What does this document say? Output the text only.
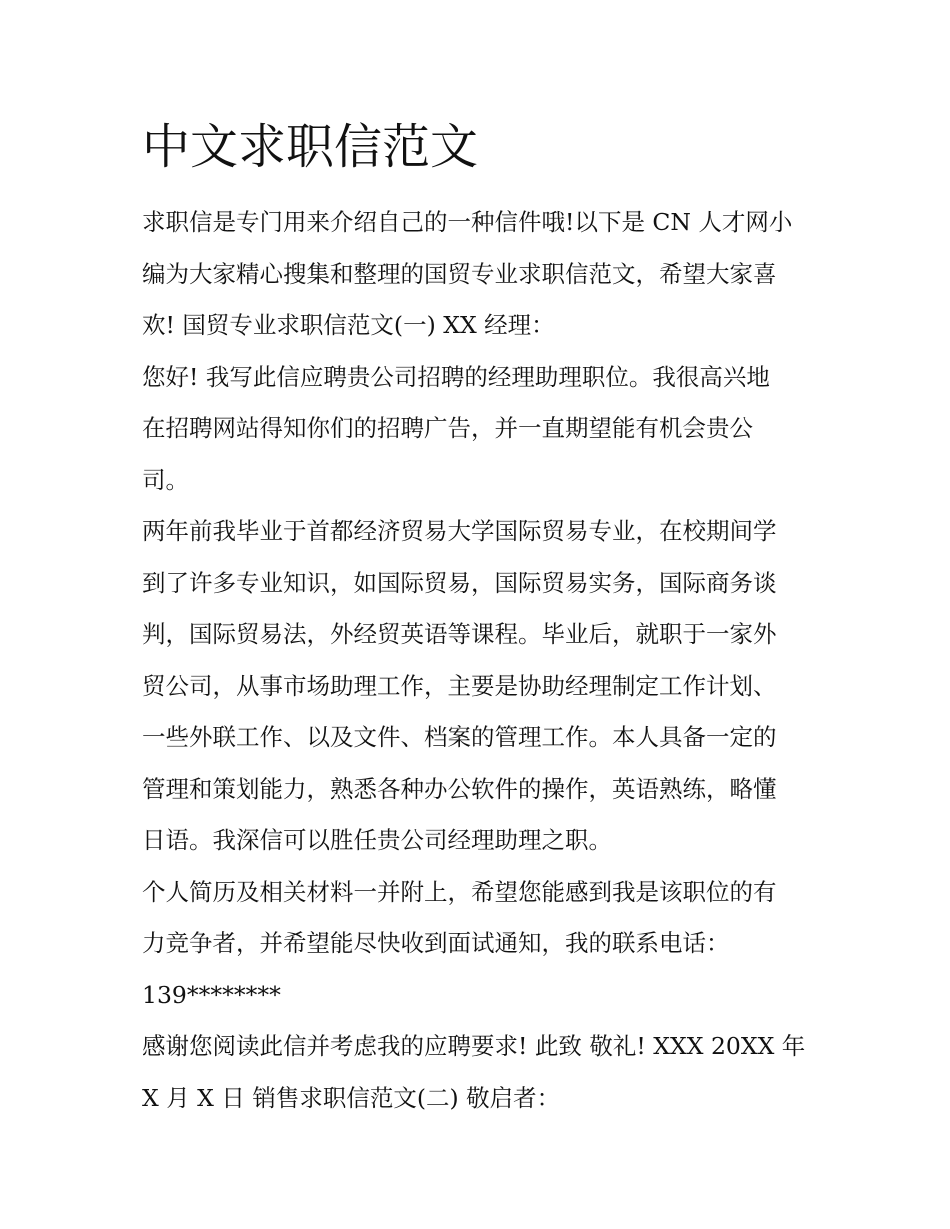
中文求职信范文

求职信是专门用来介绍自己的一种信件哦!以下是 CN 人才网小
编为大家精心搜集和整理的国贸专业求职信范文，希望大家喜
欢! 国贸专业求职信范文(一) XX 经理：

您好! 我写此信应聘贵公司招聘的经理助理职位。我很高兴地
在招聘网站得知你们的招聘广告，并一直期望能有机会贵公
司。

两年前我毕业于首都经济贸易大学国际贸易专业，在校期间学
到了许多专业知识，如国际贸易，国际贸易实务，国际商务谈
判，国际贸易法，外经贸英语等课程。毕业后，就职于一家外
贸公司，从事市场助理工作，主要是协助经理制定工作计划、
一些外联工作、以及文件、档案的管理工作。本人具备一定的
管理和策划能力，熟悉各种办公软件的操作，英语熟练，略懂
日语。我深信可以胜任贵公司经理助理之职。

个人简历及相关材料一并附上，希望您能感到我是该职位的有
力竞争者，并希望能尽快收到面试通知，我的联系电话：
139********

感谢您阅读此信并考虑我的应聘要求! 此致 敬礼! XXX 20XX 年
X 月 X 日 销售求职信范文(二) 敬启者：
